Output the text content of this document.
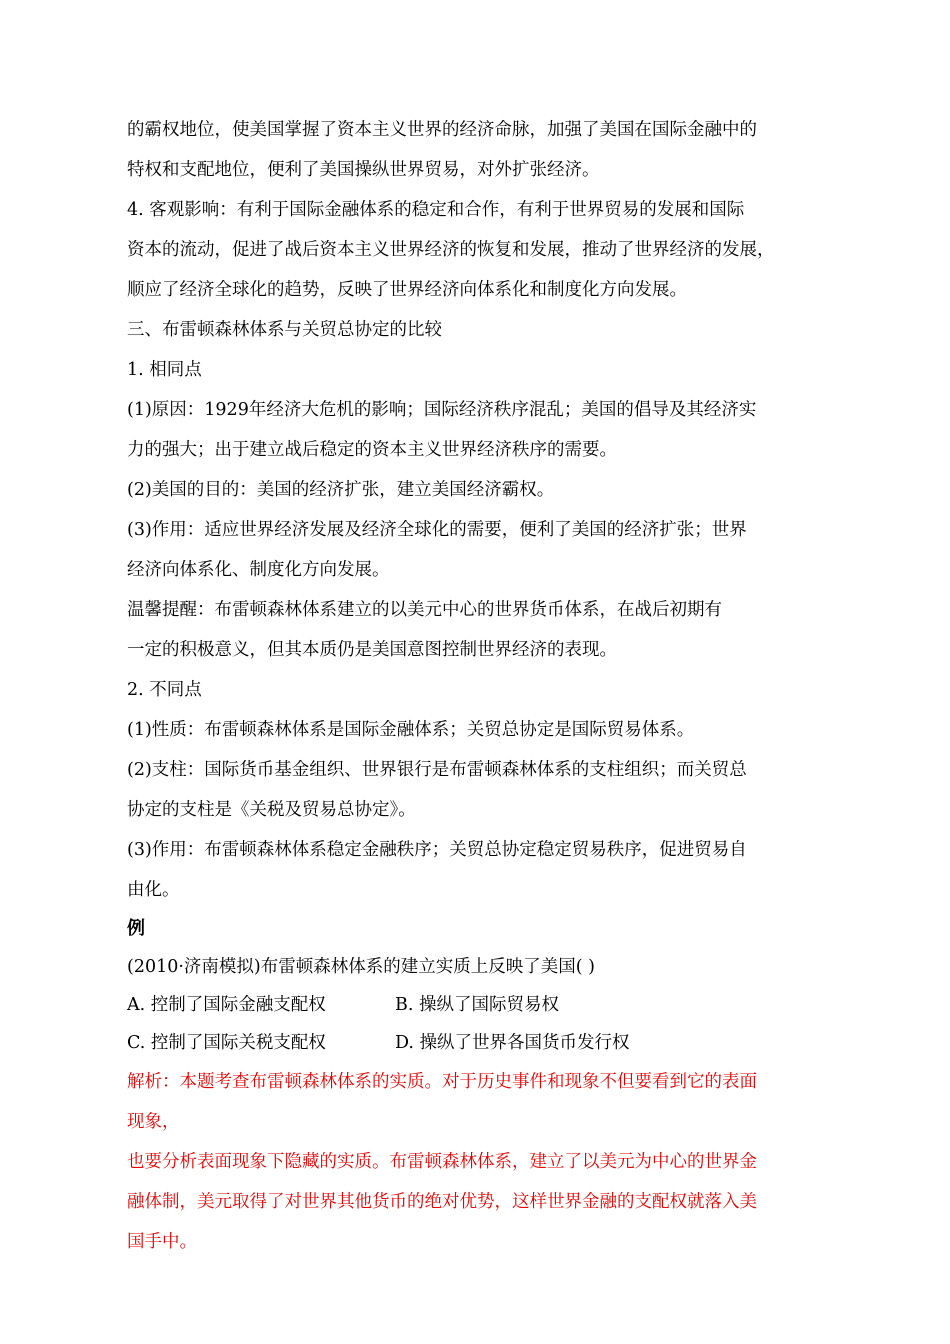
的霸权地位，使美国掌握了资本主义世界的经济命脉，加强了美国在国际金融中的
特权和支配地位，便利了美国操纵世界贸易，对外扩张经济。
4. 客观影响：有利于国际金融体系的稳定和合作，有利于世界贸易的发展和国际
资本的流动，促进了战后资本主义世界经济的恢复和发展，推动了世界经济的发展，
顺应了经济全球化的趋势，反映了世界经济向体系化和制度化方向发展。
三、布雷顿森林体系与关贸总协定的比较
1. 相同点
(1)原因：1929年经济大危机的影响；国际经济秩序混乱；美国的倡导及其经济实
力的强大；出于建立战后稳定的资本主义世界经济秩序的需要。
(2)美国的目的：美国的经济扩张，建立美国经济霸权。
(3)作用：适应世界经济发展及经济全球化的需要，便利了美国的经济扩张；世界
经济向体系化、制度化方向发展。
温馨提醒：布雷顿森林体系建立的以美元中心的世界货币体系，在战后初期有
一定的积极意义，但其本质仍是美国意图控制世界经济的表现。
2. 不同点
(1)性质：布雷顿森林体系是国际金融体系；关贸总协定是国际贸易体系。
(2)支柱：国际货币基金组织、世界银行是布雷顿森林体系的支柱组织；而关贸总
协定的支柱是《关税及贸易总协定》。
(3)作用：布雷顿森林体系稳定金融秩序；关贸总协定稳定贸易秩序，促进贸易自
由化。
例
(2010·济南模拟)布雷顿森林体系的建立实质上反映了美国( )
A. 控制了国际金融支配权	B. 操纵了国际贸易权
C. 控制了国际关税支配权	D. 操纵了世界各国货币发行权
解析：本题考查布雷顿森林体系的实质。对于历史事件和现象不但要看到它的表面
现象，
也要分析表面现象下隐藏的实质。布雷顿森林体系，建立了以美元为中心的世界金
融体制，美元取得了对世界其他货币的绝对优势，这样世界金融的支配权就落入美
国手中。
